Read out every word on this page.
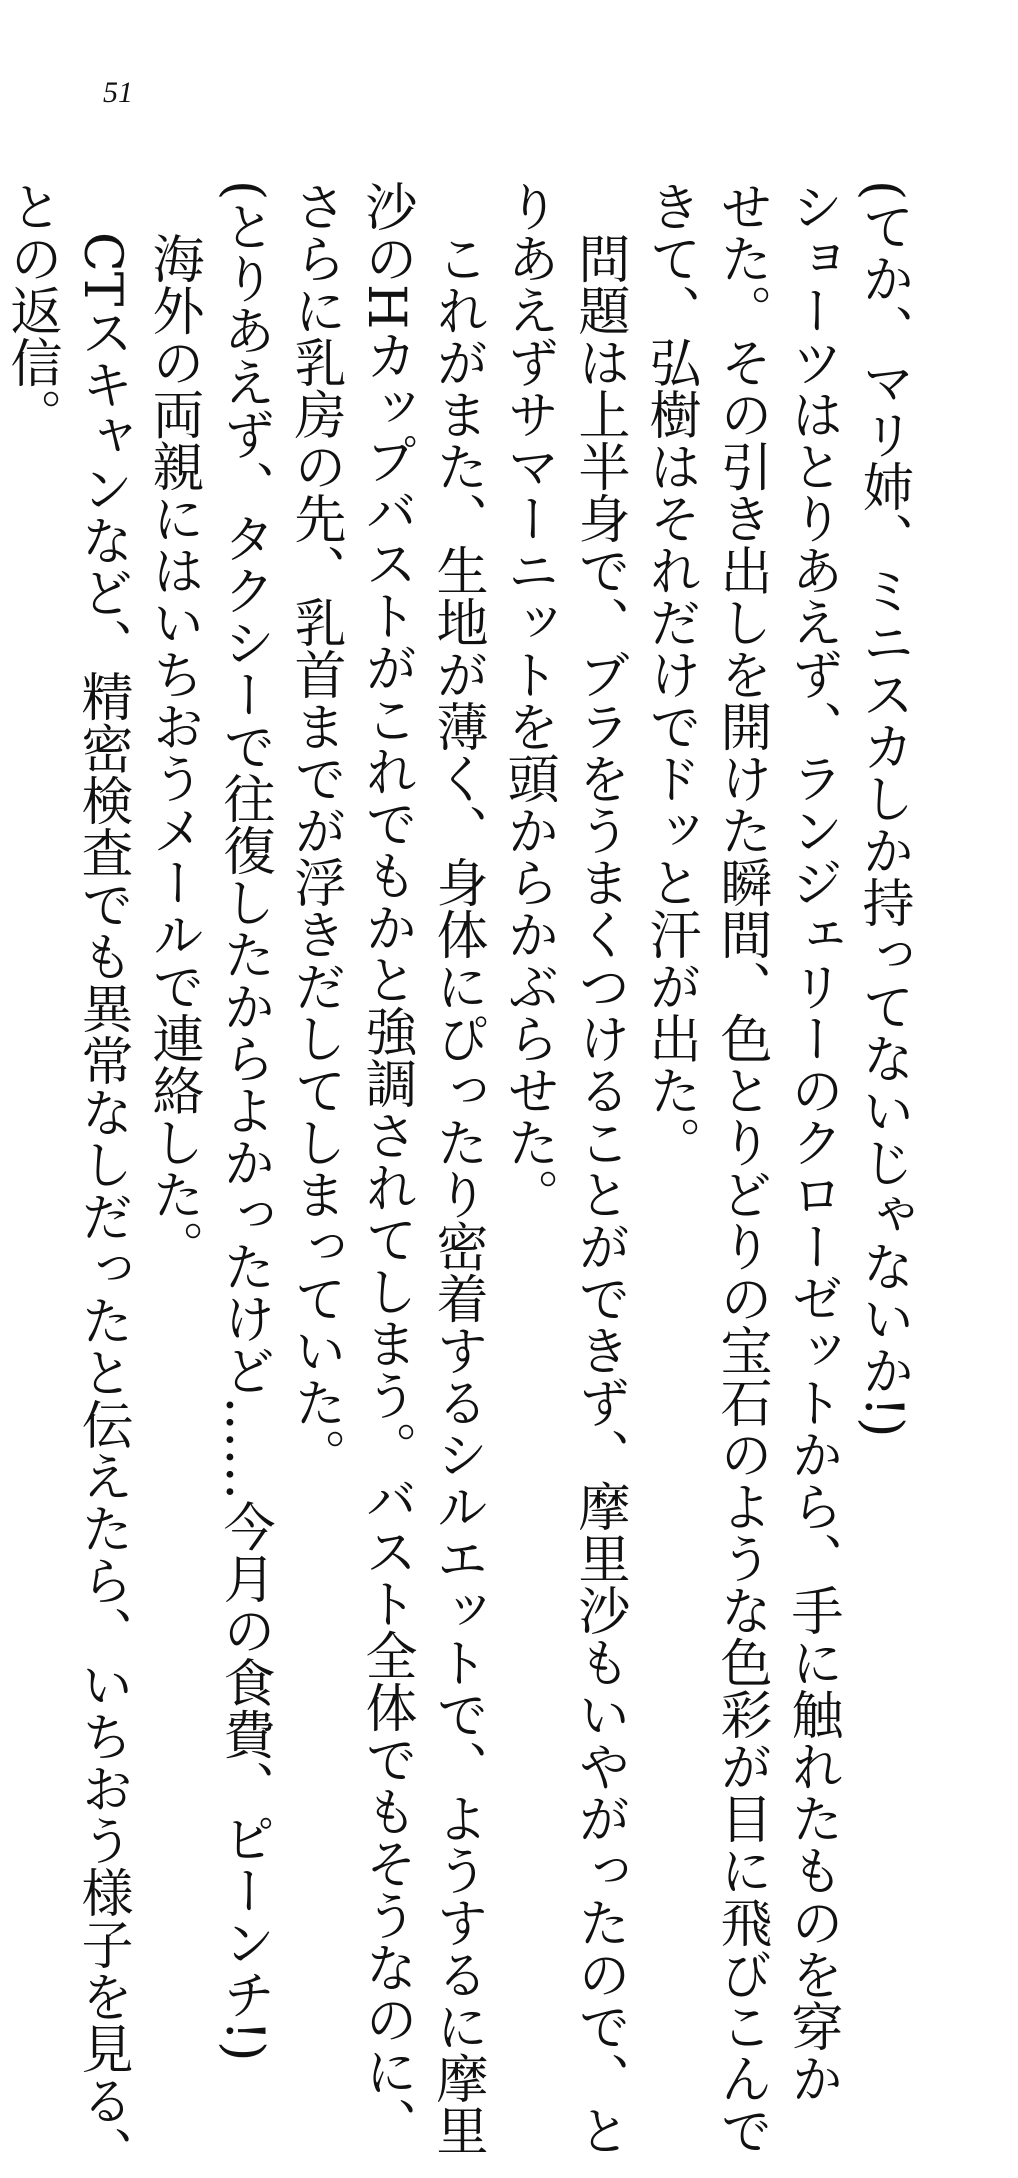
51
(てか、マリ姉、ミニスカしか持ってないじゃないか!)
ショーツはとりあえず、ランジェリーのクローゼットから、手に触れたものを穿か
せた。その引き出しを開けた瞬間、色とりどりの宝石のような色彩が目に飛びこんで
きて、弘樹はそれだけでドッと汗が出た。
問題は上半身で、ブラをうまくつけることができず、摩里沙もいやがったので、と
りあえずサマーニットを頭からかぶらせた。
これがまた、生地が薄く、身体にぴったり密着するシルエットで、ようするに摩里
沙のHカップバストがこれでもかと強調されてしまう。バスト全体でもそうなのに、
さらに乳房の先、乳首までが浮きだしてしまっていた。
(とりあえず、タクシーで往復したからよかったけど……今月の食費、ピーンチ!)
海外の両親にはいちおうメールで連絡した。
CTスキャンなど、精密検査でも異常なしだったと伝えたら、いちおう様子を見る、
との返信。
